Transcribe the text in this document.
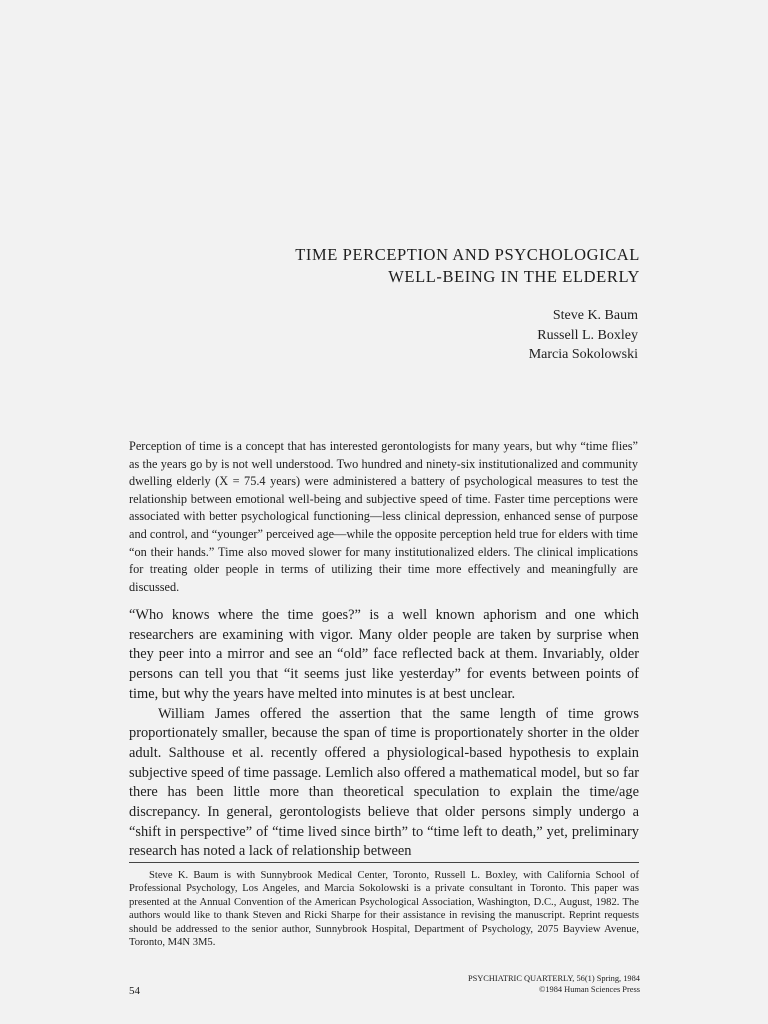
TIME PERCEPTION AND PSYCHOLOGICAL
WELL-BEING IN THE ELDERLY
Steve K. Baum
Russell L. Boxley
Marcia Sokolowski
Perception of time is a concept that has interested gerontologists for many years, but why “time flies” as the years go by is not well understood. Two hundred and ninety-six institutionalized and community dwelling elderly (X = 75.4 years) were administered a battery of psychological measures to test the relationship between emotional well-being and subjective speed of time. Faster time perceptions were associated with better psychological functioning—less clinical depression, enhanced sense of purpose and control, and “younger” perceived age—while the opposite perception held true for elders with time “on their hands.” Time also moved slower for many institutionalized elders. The clinical implications for treating older people in terms of utilizing their time more effectively and meaningfully are discussed.

“Who knows where the time goes?” is a well known aphorism and one which researchers are examining with vigor. Many older people are taken by surprise when they peer into a mirror and see an “old” face reflected back at them. Invariably, older persons can tell you that “it seems just like yesterday” for events between points of time, but why the years have melted into minutes is at best unclear.

William James offered the assertion that the same length of time grows proportionately smaller, because the span of time is proportionately shorter in the older adult. Salthouse et al. recently offered a physiological-based hypothesis to explain subjective speed of time passage. Lemlich also offered a mathematical model, but so far there has been little more than theoretical speculation to explain the time/age discrepancy. In general, gerontologists believe that older persons simply undergo a “shift in perspective” of “time lived since birth” to “time left to death,” yet, preliminary research has noted a lack of relationship between

Steve K. Baum is with Sunnybrook Medical Center, Toronto, Russell L. Boxley, with California School of Professional Psychology, Los Angeles, and Marcia Sokolowski is a private consultant in Toronto. This paper was presented at the Annual Convention of the American Psychological Association, Washington, D.C., August, 1982. The authors would like to thank Steven and Ricki Sharpe for their assistance in revising the manuscript. Reprint requests should be addressed to the senior author, Sunnybrook Hospital, Department of Psychology, 2075 Bayview Avenue, Toronto, M4N 3M5.

54
PSYCHIATRIC QUARTERLY, 56(1) Spring, 1984
©1984 Human Sciences Press
